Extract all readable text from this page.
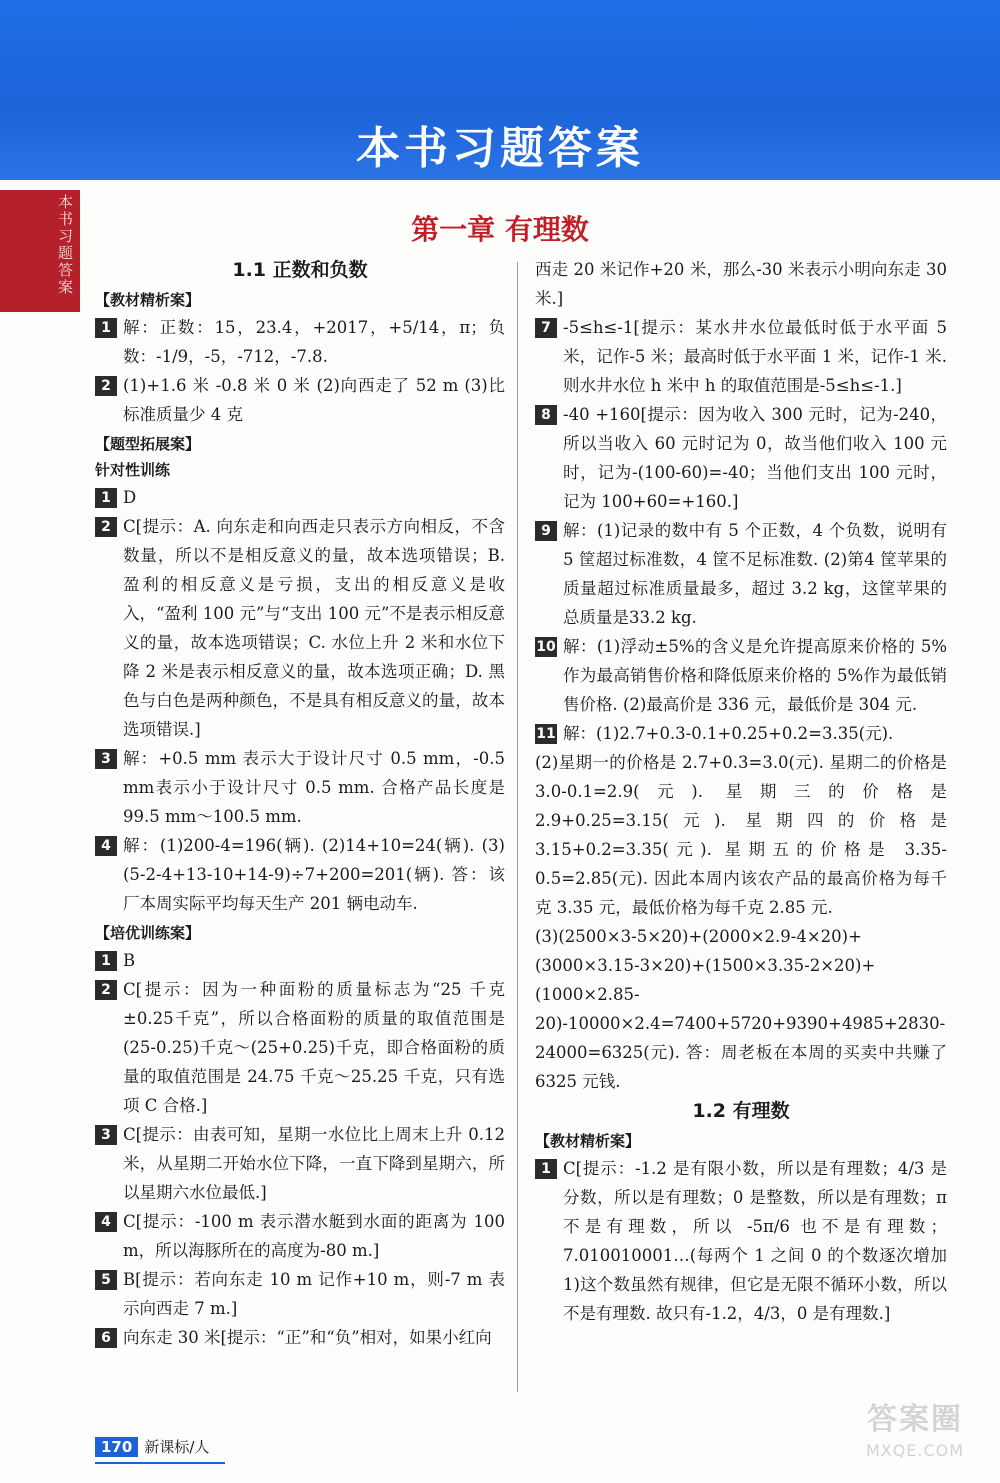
本书习题答案
本书习题答案
第一章 有理数
1.1 正数和负数
【教材精析案】
1 解：正数：15，23.4，+2017，+5/14，π；负数：-1/9，-5，-712，-7.8.
2 (1)+1.6 米 -0.8 米 0 米 (2)向西走了 52 m (3)比标准质量少 4 克
【题型拓展案】
针对性训练
1 D
2 C[提示：A. 向东走和向西走只表示方向相反，不含数量，所以不是相反意义的量，故本选项错误；B. 盈利的相反意义是亏损，支出的相反意义是收入，“盈利 100 元”与“支出 100 元”不是表示相反意义的量，故本选项错误；C. 水位上升 2 米和水位下降 2 米是表示相反意义的量，故本选项正确；D. 黑色与白色是两种颜色，不是具有相反意义的量，故本选项错误.]
3 解：+0.5 mm 表示大于设计尺寸 0.5 mm，-0.5 mm表示小于设计尺寸 0.5 mm. 合格产品长度是99.5 mm～100.5 mm.
4 解：(1)200-4=196(辆). (2)14+10=24(辆). (3)(5-2-4+13-10+14-9)÷7+200=201(辆). 答：该厂本周实际平均每天生产 201 辆电动车.
【培优训练案】
1 B
2 C[提示：因为一种面粉的质量标志为“25 千克±0.25千克”，所以合格面粉的质量的取值范围是(25-0.25)千克～(25+0.25)千克，即合格面粉的质量的取值范围是 24.75 千克～25.25 千克，只有选项 C 合格.]
3 C[提示：由表可知，星期一水位比上周末上升 0.12 米，从星期二开始水位下降，一直下降到星期六，所以星期六水位最低.]
4 C[提示：-100 m 表示潜水艇到水面的距离为 100 m，所以海豚所在的高度为-80 m.]
5 B[提示：若向东走 10 m 记作+10 m，则-7 m 表示向西走 7 m.]
6 向东走 30 米[提示：“正”和“负”相对，如果小红向
西走 20 米记作+20 米，那么-30 米表示小明向东走 30 米.]
7 -5≤h≤-1[提示：某水井水位最低时低于水平面 5 米，记作-5 米；最高时低于水平面 1 米，记作-1 米. 则水井水位 h 米中 h 的取值范围是-5≤h≤-1.]
8 -40 +160[提示：因为收入 300 元时，记为-240，所以当收入 60 元时记为 0，故当他们收入 100 元时，记为-(100-60)=-40；当他们支出 100 元时，记为 100+60=+160.]
9 解：(1)记录的数中有 5 个正数，4 个负数，说明有 5 筐超过标准数，4 筐不足标准数. (2)第4 筐苹果的质量超过标准质量最多，超过 3.2 kg，这筐苹果的总质量是33.2 kg.
10 解：(1)浮动±5%的含义是允许提高原来价格的 5%作为最高销售价格和降低原来价格的 5%作为最低销售价格. (2)最高价是 336 元，最低价是 304 元.
11 解：(1)2.7+0.3-0.1+0.25+0.2=3.35(元).
(2)星期一的价格是 2.7+0.3=3.0(元). 星期二的价格是 3.0-0.1=2.9(元). 星期三的价格是 2.9+0.25=3.15(元). 星期四的价格是 3.15+0.2=3.35(元). 星期五的价格是 3.35-0.5=2.85(元). 因此本周内该农产品的最高价格为每千克 3.35 元，最低价格为每千克 2.85 元.
(3)(2500×3-5×20)+(2000×2.9-4×20)+(3000×3.15-3×20)+(1500×3.35-2×20)+(1000×2.85-20)-10000×2.4=7400+5720+9390+4985+2830-24000=6325(元). 答：周老板在本周的买卖中共赚了 6325 元钱.
1.2 有理数
【教材精析案】
1 C[提示：-1.2 是有限小数，所以是有理数；4/3 是分数，所以是有理数；0 是整数，所以是有理数；π 不是有理数，所以 -5π/6 也不是有理数；7.010010001…(每两个 1 之间 0 的个数逐次增加 1)这个数虽然有规律，但它是无限不循环小数，所以不是有理数. 故只有-1.2，4/3，0 是有理数.]
170 新课标/人
答案圈
MXQE.COM
